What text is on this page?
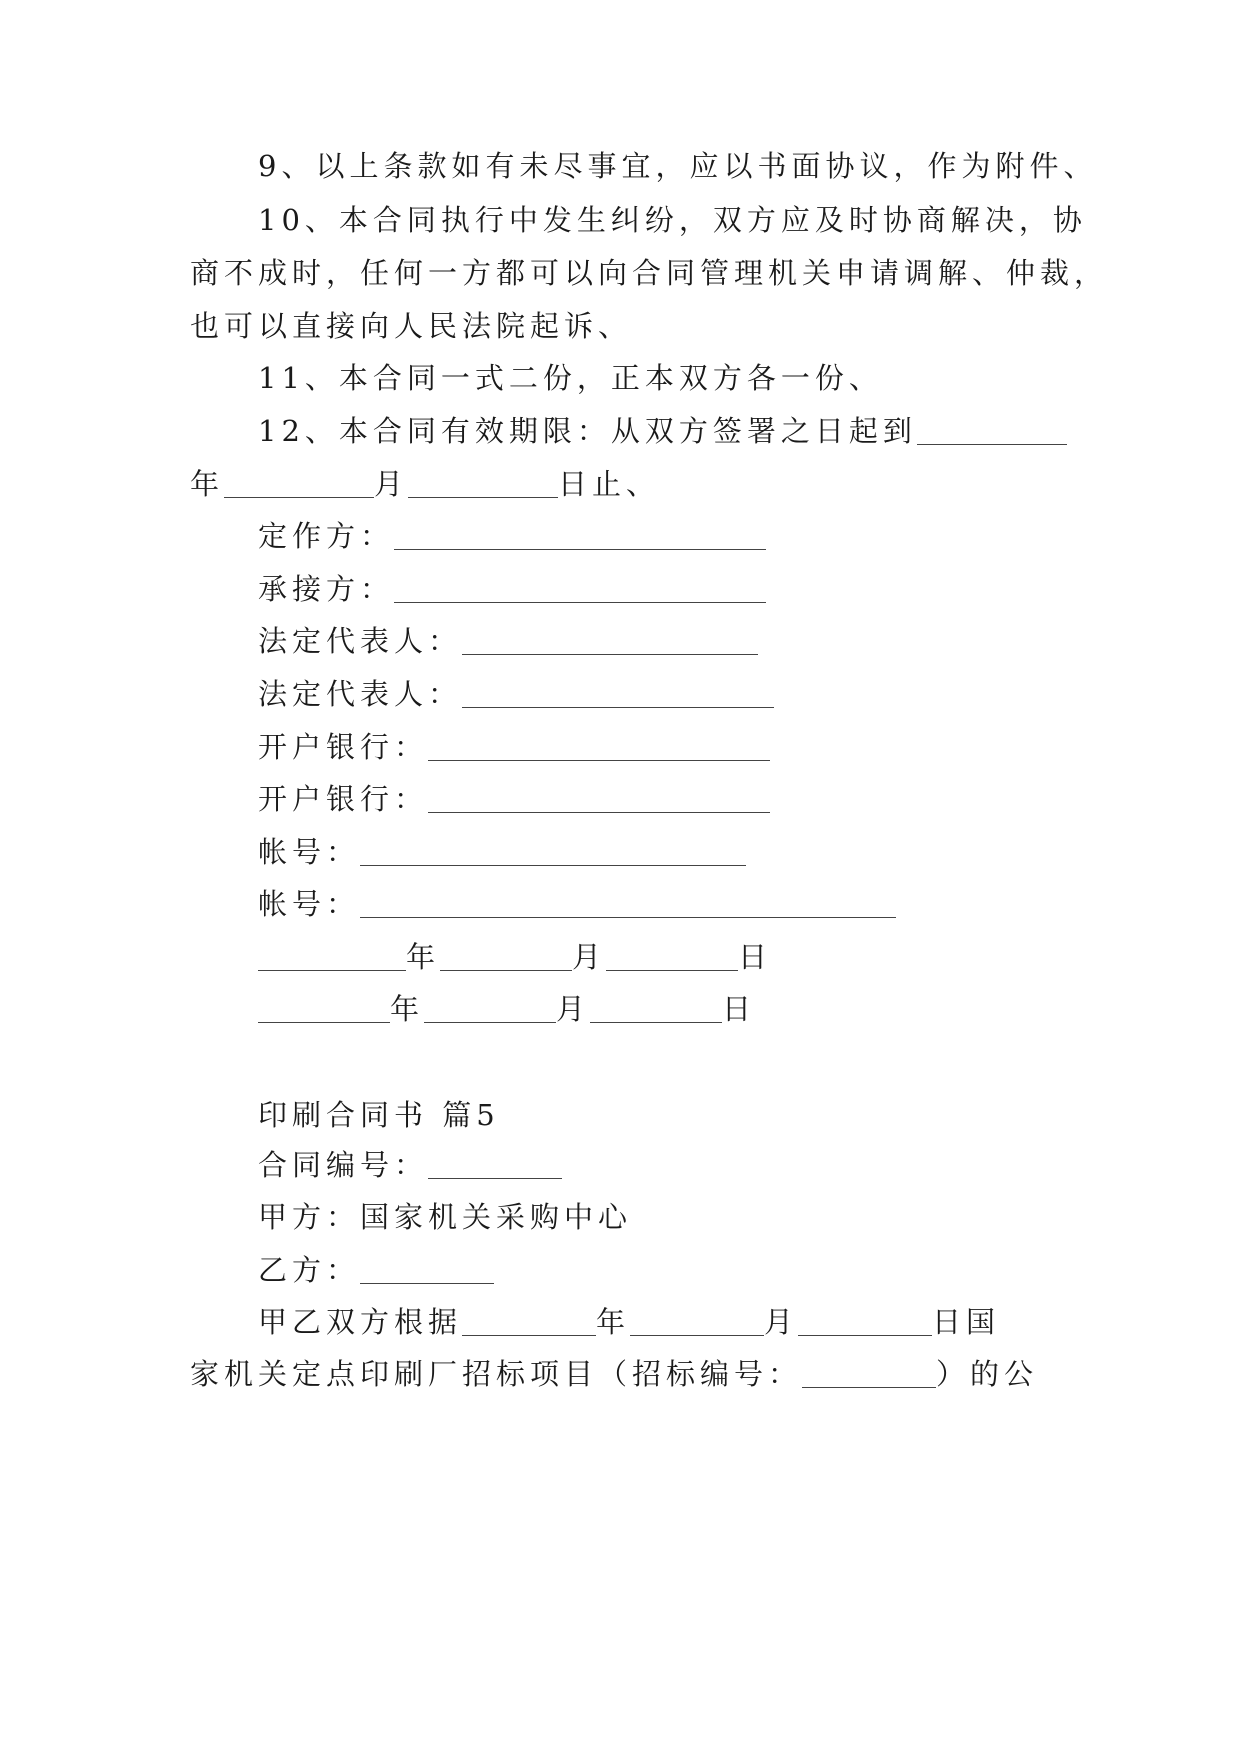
9、以上条款如有未尽事宜，应以书面协议，作为附件、
10、本合同执行中发生纠纷，双方应及时协商解决，协
商不成时，任何一方都可以向合同管理机关申请调解、仲裁，
也可以直接向人民法院起诉、
11、本合同一式二份，正本双方各一份、
12、本合同有效期限：从双方签署之日起到
年	月	日止、
定作方：
承接方：
法定代表人：
法定代表人：
开户银行：
开户银行：
帐号：
帐号：
年	月	日
年	月	日
印刷合同书 篇5
合同编号：
甲方：国家机关采购中心
乙方：
甲乙双方根据	年	月	日国
家机关定点印刷厂招标项目（招标编号：	）的公
